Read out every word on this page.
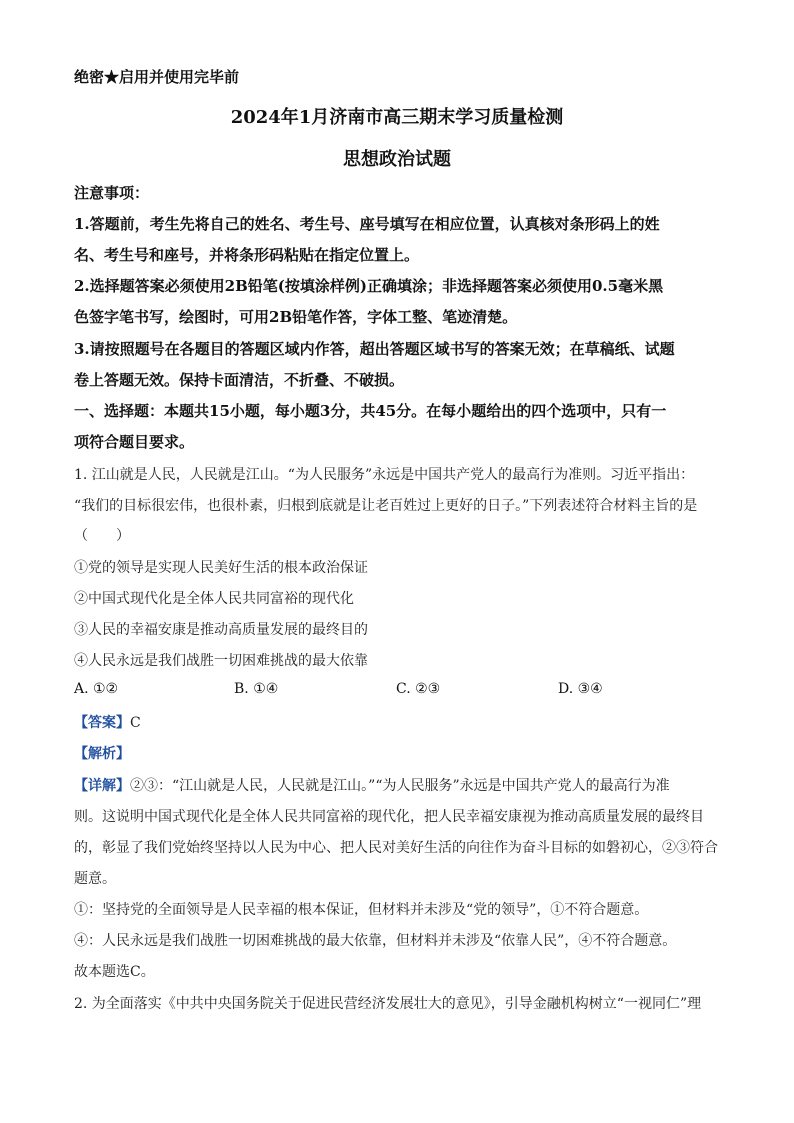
绝密★启用并使用完毕前
2024年1月济南市高三期末学习质量检测
思想政治试题
注意事项：
1.答题前，考生先将自己的姓名、考生号、座号填写在相应位置，认真核对条形码上的姓
名、考生号和座号，并将条形码粘贴在指定位置上。
2.选择题答案必须使用2B铅笔(按填涂样例)正确填涂；非选择题答案必须使用0.5毫米黑
色签字笔书写，绘图时，可用2B铅笔作答，字体工整、笔迹清楚。
3.请按照题号在各题目的答题区域内作答，超出答题区域书写的答案无效；在草稿纸、试题
卷上答题无效。保持卡面清洁，不折叠、不破损。
一、选择题：本题共15小题，每小题3分，共45分。在每小题给出的四个选项中，只有一
项符合题目要求。
1. 江山就是人民，人民就是江山。“为人民服务”永远是中国共产党人的最高行为准则。习近平指出：
“我们的目标很宏伟，也很朴素，归根到底就是让老百姓过上更好的日子。”下列表述符合材料主旨的是
（　　）
①党的领导是实现人民美好生活的根本政治保证
②中国式现代化是全体人民共同富裕的现代化
③人民的幸福安康是推动高质量发展的最终目的
④人民永远是我们战胜一切困难挑战的最大依靠
A. ①②	B. ①④	C. ②③	D. ③④
【答案】C
【解析】
【详解】②③：“江山就是人民，人民就是江山。”“为人民服务”永远是中国共产党人的最高行为准
则。这说明中国式现代化是全体人民共同富裕的现代化，把人民幸福安康视为推动高质量发展的最终目
的，彰显了我们党始终坚持以人民为中心、把人民对美好生活的向往作为奋斗目标的如磐初心，②③符合
题意。
①：坚持党的全面领导是人民幸福的根本保证，但材料并未涉及“党的领导”，①不符合题意。
④：人民永远是我们战胜一切困难挑战的最大依靠，但材料并未涉及“依靠人民”，④不符合题意。
故本题选C。
2. 为全面落实《中共中央国务院关于促进民营经济发展壮大的意见》，引导金融机构树立“一视同仁”理
